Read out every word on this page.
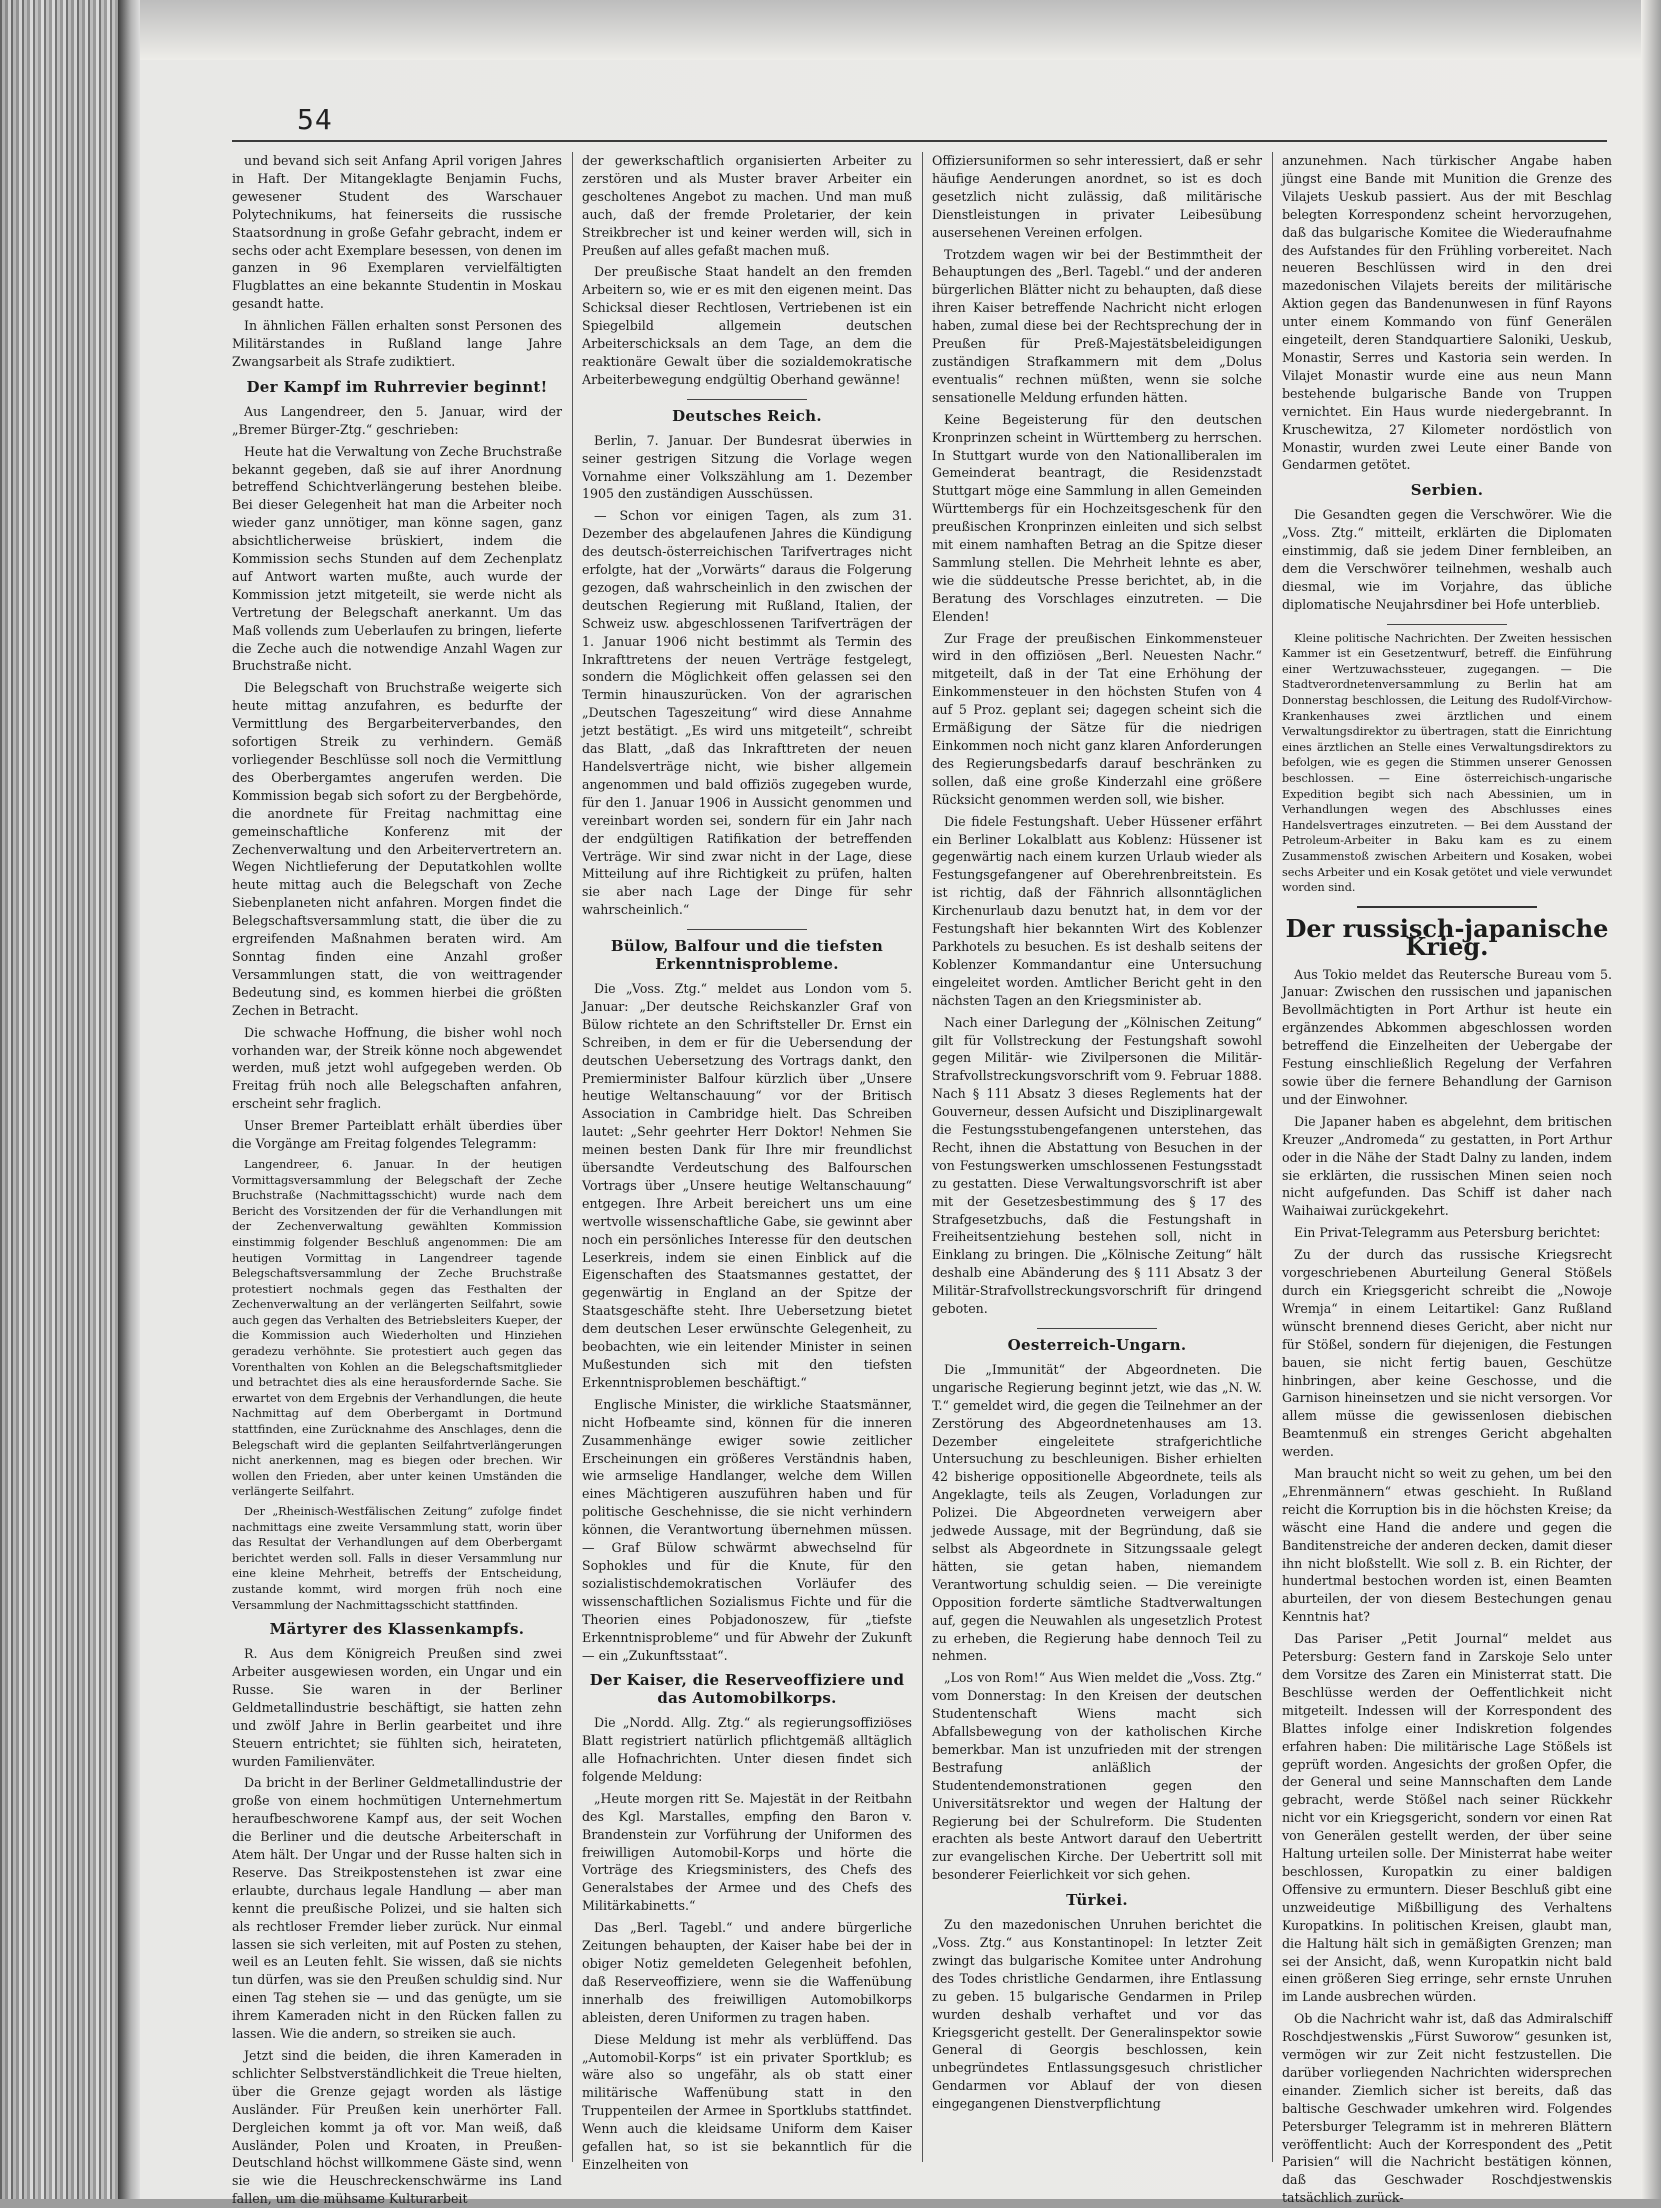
54

und bevand sich seit Anfang April vorigen Jahres in Haft. Der Mitangeklagte Benjamin Fuchs, gewesener Student des Warschauer Polytechnikums, hat feinerseits die russische Staatsordnung in große Gefahr gebracht, indem er sechs oder acht Exemplare besessen, von denen im ganzen in 96 Exemplaren vervielfältigten Flugblattes an eine bekannte Studentin in Moskau gesandt hatte.

In ähnlichen Fällen erhalten sonst Personen des Militärstandes in Rußland lange Jahre Zwangsarbeit als Strafe zudiktiert.

Der Kampf im Ruhrrevier beginnt!

Aus Langendreer, den 5. Januar, wird der „Bremer Bürger-Ztg.“ geschrieben:

Heute hat die Verwaltung von Zeche Bruchstraße bekannt gegeben, daß sie auf ihrer Anordnung betreffend Schichtverlängerung bestehen bleibe. Bei dieser Gelegenheit hat man die Arbeiter noch wieder ganz unnötiger, man könne sagen, ganz absichtlicherweise brüskiert, indem die Kommission sechs Stunden auf dem Zechenplatz auf Antwort warten mußte, auch wurde der Kommission jetzt mitgeteilt, sie werde nicht als Vertretung der Belegschaft anerkannt. Um das Maß vollends zum Ueberlaufen zu bringen, lieferte die Zeche auch die notwendige Anzahl Wagen zur Bruchstraße nicht.

Die Belegschaft von Bruchstraße weigerte sich heute mittag anzufahren, es bedurfte der Vermittlung des Bergarbeiterverbandes, den sofortigen Streik zu verhindern. Gemäß vorliegender Beschlüsse soll noch die Vermittlung des Oberbergamtes angerufen werden. Die Kommission begab sich sofort zu der Bergbehörde, die anordnete für Freitag nachmittag eine gemeinschaftliche Konferenz mit der Zechenverwaltung und den Arbeitervertretern an. Wegen Nichtlieferung der Deputatkohlen wollte heute mittag auch die Belegschaft von Zeche Siebenplaneten nicht anfahren. Morgen findet die Belegschaftsversammlung statt, die über die zu ergreifenden Maßnahmen beraten wird. Am Sonntag finden eine Anzahl großer Versammlungen statt, die von weittragender Bedeutung sind, es kommen hierbei die größten Zechen in Betracht.

Die schwache Hoffnung, die bisher wohl noch vorhanden war, der Streik könne noch abgewendet werden, muß jetzt wohl aufgegeben werden. Ob Freitag früh noch alle Belegschaften anfahren, erscheint sehr fraglich.

Unser Bremer Parteiblatt erhält überdies über die Vorgänge am Freitag folgendes Telegramm:

Langendreer, 6. Januar. In der heutigen Vormittagsversammlung der Belegschaft der Zeche Bruchstraße (Nachmittagsschicht) wurde nach dem Bericht des Vorsitzenden der für die Verhandlungen mit der Zechenverwaltung gewählten Kommission einstimmig folgender Beschluß angenommen: Die am heutigen Vormittag in Langendreer tagende Belegschaftsversammlung der Zeche Bruchstraße protestiert nochmals gegen das Festhalten der Zechenverwaltung an der verlängerten Seilfahrt, sowie auch gegen das Verhalten des Betriebsleiters Kueper, der die Kommission auch Wiederholten und Hinziehen geradezu verhöhnte. Sie protestiert auch gegen das Vorenthalten von Kohlen an die Belegschaftsmitglieder und betrachtet dies als eine herausfordernde Sache. Sie erwartet von dem Ergebnis der Verhandlungen, die heute Nachmittag auf dem Oberbergamt in Dortmund stattfinden, eine Zurücknahme des Anschlages, denn die Belegschaft wird die geplanten Seilfahrtverlängerungen nicht anerkennen, mag es biegen oder brechen. Wir wollen den Frieden, aber unter keinen Umständen die verlängerte Seilfahrt.

Der „Rheinisch-Westfälischen Zeitung“ zufolge findet nachmittags eine zweite Versammlung statt, worin über das Resultat der Verhandlungen auf dem Oberbergamt berichtet werden soll. Falls in dieser Versammlung nur eine kleine Mehrheit, betreffs der Entscheidung, zustande kommt, wird morgen früh noch eine Versammlung der Nachmittagsschicht stattfinden.

Märtyrer des Klassenkampfs.

R. Aus dem Königreich Preußen sind zwei Arbeiter ausgewiesen worden, ein Ungar und ein Russe. Sie waren in der Berliner Geldmetallindustrie beschäftigt, sie hatten zehn und zwölf Jahre in Berlin gearbeitet und ihre Steuern entrichtet; sie fühlten sich, heirateten, wurden Familienväter.

Da bricht in der Berliner Geldmetallindustrie der große von einem hochmütigen Unternehmertum heraufbeschworene Kampf aus, der seit Wochen die Berliner und die deutsche Arbeiterschaft in Atem hält. Der Ungar und der Russe halten sich in Reserve. Das Streikpostenstehen ist zwar eine erlaubte, durchaus legale Handlung — aber man kennt die preußische Polizei, und sie halten sich als rechtloser Fremder lieber zurück. Nur einmal lassen sie sich verleiten, mit auf Posten zu stehen, weil es an Leuten fehlt. Sie wissen, daß sie nichts tun dürfen, was sie den Preußen schuldig sind. Nur einen Tag stehen sie — und das genügte, um sie ihrem Kameraden nicht in den Rücken fallen zu lassen. Wie die andern, so streiken sie auch.

Jetzt sind die beiden, die ihren Kameraden in schlichter Selbstverständlichkeit die Treue hielten, über die Grenze gejagt worden als lästige Ausländer. Für Preußen kein unerhörter Fall. Dergleichen kommt ja oft vor. Man weiß, daß Ausländer, Polen und Kroaten, in Preußen-Deutschland höchst willkommene Gäste sind, wenn sie wie die Heuschreckenschwärme ins Land fallen, um die mühsame Kulturarbeit

der gewerkschaftlich organisierten Arbeiter zu zerstören und als Muster braver Arbeiter ein gescholtenes Angebot zu machen. Und man muß auch, daß der fremde Proletarier, der kein Streikbrecher ist und keiner werden will, sich in Preußen auf alles gefaßt machen muß.

Der preußische Staat handelt an den fremden Arbeitern so, wie er es mit den eigenen meint. Das Schicksal dieser Rechtlosen, Vertriebenen ist ein Spiegelbild allgemein deutschen Arbeiterschicksals an dem Tage, an dem die reaktionäre Gewalt über die sozialdemokratische Arbeiterbewegung endgültig Oberhand gewänne!

Deutsches Reich.

Berlin, 7. Januar. Der Bundesrat überwies in seiner gestrigen Sitzung die Vorlage wegen Vornahme einer Volkszählung am 1. Dezember 1905 den zuständigen Ausschüssen.

— Schon vor einigen Tagen, als zum 31. Dezember des abgelaufenen Jahres die Kündigung des deutsch-österreichischen Tarifvertrages nicht erfolgte, hat der „Vorwärts“ daraus die Folgerung gezogen, daß wahrscheinlich in den zwischen der deutschen Regierung mit Rußland, Italien, der Schweiz usw. abgeschlossenen Tarifverträgen der 1. Januar 1906 nicht bestimmt als Termin des Inkrafttretens der neuen Verträge festgelegt, sondern die Möglichkeit offen gelassen sei den Termin hinauszurücken. Von der agrarischen „Deutschen Tageszeitung“ wird diese Annahme jetzt bestätigt. „Es wird uns mitgeteilt“, schreibt das Blatt, „daß das Inkrafttreten der neuen Handelsverträge nicht, wie bisher allgemein angenommen und bald offiziös zugegeben wurde, für den 1. Januar 1906 in Aussicht genommen und vereinbart worden sei, sondern für ein Jahr nach der endgültigen Ratifikation der betreffenden Verträge. Wir sind zwar nicht in der Lage, diese Mitteilung auf ihre Richtigkeit zu prüfen, halten sie aber nach Lage der Dinge für sehr wahrscheinlich.“

Bülow, Balfour und die tiefsten Erkenntnisprobleme.

Die „Voss. Ztg.“ meldet aus London vom 5. Januar: „Der deutsche Reichskanzler Graf von Bülow richtete an den Schriftsteller Dr. Ernst ein Schreiben, in dem er für die Uebersendung der deutschen Uebersetzung des Vortrags dankt, den Premierminister Balfour kürzlich über „Unsere heutige Weltanschauung“ vor der Britisch Association in Cambridge hielt. Das Schreiben lautet: „Sehr geehrter Herr Doktor! Nehmen Sie meinen besten Dank für Ihre mir freundlichst übersandte Verdeutschung des Balfourschen Vortrags über „Unsere heutige Weltanschauung“ entgegen. Ihre Arbeit bereichert uns um eine wertvolle wissenschaftliche Gabe, sie gewinnt aber noch ein persönliches Interesse für den deutschen Leserkreis, indem sie einen Einblick auf die Eigenschaften des Staatsmannes gestattet, der gegenwärtig in England an der Spitze der Staatsgeschäfte steht. Ihre Uebersetzung bietet dem deutschen Leser erwünschte Gelegenheit, zu beobachten, wie ein leitender Minister in seinen Mußestunden sich mit den tiefsten Erkenntnisproblemen beschäftigt.“

Englische Minister, die wirkliche Staatsmänner, nicht Hofbeamte sind, können für die inneren Zusammenhänge ewiger sowie zeitlicher Erscheinungen ein größeres Verständnis haben, wie armselige Handlanger, welche dem Willen eines Mächtigeren auszuführen haben und für politische Geschehnisse, die sie nicht verhindern können, die Verantwortung übernehmen müssen. — Graf Bülow schwärmt abwechselnd für Sophokles und für die Knute, für den sozialistischdemokratischen Vorläufer des wissenschaftlichen Sozialismus Fichte und für die Theorien eines Pobjadonoszew, für „tiefste Erkenntnisprobleme“ und für Abwehr der Zukunft — ein „Zukunftsstaat“.

Der Kaiser, die Reserveoffiziere und das Automobilkorps.

Die „Nordd. Allg. Ztg.“ als regierungsoffiziöses Blatt registriert natürlich pflichtgemäß alltäglich alle Hofnachrichten. Unter diesen findet sich folgende Meldung:

„Heute morgen ritt Se. Majestät in der Reitbahn des Kgl. Marstalles, empfing den Baron v. Brandenstein zur Vorführung der Uniformen des freiwilligen Automobil-Korps und hörte die Vorträge des Kriegsministers, des Chefs des Generalstabes der Armee und des Chefs des Militärkabinetts.“

Das „Berl. Tagebl.“ und andere bürgerliche Zeitungen behaupten, der Kaiser habe bei der in obiger Notiz gemeldeten Gelegenheit befohlen, daß Reserveoffiziere, wenn sie die Waffenübung innerhalb des freiwilligen Automobilkorps ableisten, deren Uniformen zu tragen haben.

Diese Meldung ist mehr als verblüffend. Das „Automobil-Korps“ ist ein privater Sportklub; es wäre also so ungefähr, als ob statt einer militärische Waffenübung statt in den Truppenteilen der Armee in Sportklubs stattfindet. Wenn auch die kleidsame Uniform dem Kaiser gefallen hat, so ist sie bekanntlich für die Einzelheiten von

Offiziersuniformen so sehr interessiert, daß er sehr häufige Aenderungen anordnet, so ist es doch gesetzlich nicht zulässig, daß militärische Dienstleistungen in privater Leibesübung ausersehenen Vereinen erfolgen.

Trotzdem wagen wir bei der Bestimmtheit der Behauptungen des „Berl. Tagebl.“ und der anderen bürgerlichen Blätter nicht zu behaupten, daß diese ihren Kaiser betreffende Nachricht nicht erlogen haben, zumal diese bei der Rechtsprechung der in Preußen für Preß-Majestätsbeleidigungen zuständigen Strafkammern mit dem „Dolus eventualis“ rechnen müßten, wenn sie solche sensationelle Meldung erfunden hätten.

Keine Begeisterung für den deutschen Kronprinzen scheint in Württemberg zu herrschen. In Stuttgart wurde von den Nationalliberalen im Gemeinderat beantragt, die Residenzstadt Stuttgart möge eine Sammlung in allen Gemeinden Württembergs für ein Hochzeitsgeschenk für den preußischen Kronprinzen einleiten und sich selbst mit einem namhaften Betrag an die Spitze dieser Sammlung stellen. Die Mehrheit lehnte es aber, wie die süddeutsche Presse berichtet, ab, in die Beratung des Vorschlages einzutreten. — Die Elenden!

Zur Frage der preußischen Einkommensteuer wird in den offiziösen „Berl. Neuesten Nachr.“ mitgeteilt, daß in der Tat eine Erhöhung der Einkommensteuer in den höchsten Stufen von 4 auf 5 Proz. geplant sei; dagegen scheint sich die Ermäßigung der Sätze für die niedrigen Einkommen noch nicht ganz klaren Anforderungen des Regierungsbedarfs darauf beschränken zu sollen, daß eine große Kinderzahl eine größere Rücksicht genommen werden soll, wie bisher.

Die fidele Festungshaft. Ueber Hüssener erfährt ein Berliner Lokalblatt aus Koblenz: Hüssener ist gegenwärtig nach einem kurzen Urlaub wieder als Festungsgefangener auf Oberehrenbreitstein. Es ist richtig, daß der Fähnrich allsonntäglichen Kirchenurlaub dazu benutzt hat, in dem vor der Festungshaft hier bekannten Wirt des Koblenzer Parkhotels zu besuchen. Es ist deshalb seitens der Koblenzer Kommandantur eine Untersuchung eingeleitet worden. Amtlicher Bericht geht in den nächsten Tagen an den Kriegsminister ab.

Nach einer Darlegung der „Kölnischen Zeitung“ gilt für Vollstreckung der Festungshaft sowohl gegen Militär- wie Zivilpersonen die Militär-Strafvollstreckungsvorschrift vom 9. Februar 1888. Nach § 111 Absatz 3 dieses Reglements hat der Gouverneur, dessen Aufsicht und Disziplinargewalt die Festungsstubengefangenen unterstehen, das Recht, ihnen die Abstattung von Besuchen in der von Festungswerken umschlossenen Festungsstadt zu gestatten. Diese Verwaltungsvorschrift ist aber mit der Gesetzesbestimmung des § 17 des Strafgesetzbuchs, daß die Festungshaft in Freiheitsentziehung bestehen soll, nicht in Einklang zu bringen. Die „Kölnische Zeitung“ hält deshalb eine Abänderung des § 111 Absatz 3 der Militär-Strafvollstreckungsvorschrift für dringend geboten.

Oesterreich-Ungarn.

Die „Immunität“ der Abgeordneten. Die ungarische Regierung beginnt jetzt, wie das „N. W. T.“ gemeldet wird, die gegen die Teilnehmer an der Zerstörung des Abgeordnetenhauses am 13. Dezember eingeleitete strafgerichtliche Untersuchung zu beschleunigen. Bisher erhielten 42 bisherige oppositionelle Abgeordnete, teils als Angeklagte, teils als Zeugen, Vorladungen zur Polizei. Die Abgeordneten verweigern aber jedwede Aussage, mit der Begründung, daß sie selbst als Abgeordnete in Sitzungssaale gelegt hätten, sie getan haben, niemandem Verantwortung schuldig seien. — Die vereinigte Opposition forderte sämtliche Stadtverwaltungen auf, gegen die Neuwahlen als ungesetzlich Protest zu erheben, die Regierung habe dennoch Teil zu nehmen.

„Los von Rom!“ Aus Wien meldet die „Voss. Ztg.“ vom Donnerstag: In den Kreisen der deutschen Studentenschaft Wiens macht sich Abfallsbewegung von der katholischen Kirche bemerkbar. Man ist unzufrieden mit der strengen Bestrafung anläßlich der Studentendemonstrationen gegen den Universitätsrektor und wegen der Haltung der Regierung bei der Schulreform. Die Studenten erachten als beste Antwort darauf den Uebertritt zur evangelischen Kirche. Der Uebertritt soll mit besonderer Feierlichkeit vor sich gehen.

Türkei.

Zu den mazedonischen Unruhen berichtet die „Voss. Ztg.“ aus Konstantinopel: In letzter Zeit zwingt das bulgarische Komitee unter Androhung des Todes christliche Gendarmen, ihre Entlassung zu geben. 15 bulgarische Gendarmen in Prilep wurden deshalb verhaftet und vor das Kriegsgericht gestellt. Der Generalinspektor sowie General di Georgis beschlossen, kein unbegründetes Entlassungsgesuch christlicher Gendarmen vor Ablauf der von diesen eingegangenen Dienstverpflichtung

anzunehmen. Nach türkischer Angabe haben jüngst eine Bande mit Munition die Grenze des Vilajets Ueskub passiert. Aus der mit Beschlag belegten Korrespondenz scheint hervorzugehen, daß das bulgarische Komitee die Wiederaufnahme des Aufstandes für den Frühling vorbereitet. Nach neueren Beschlüssen wird in den drei mazedonischen Vilajets bereits der militärische Aktion gegen das Bandenunwesen in fünf Rayons unter einem Kommando von fünf Generälen eingeteilt, deren Standquartiere Saloniki, Ueskub, Monastir, Serres und Kastoria sein werden. In Vilajet Monastir wurde eine aus neun Mann bestehende bulgarische Bande von Truppen vernichtet. Ein Haus wurde niedergebrannt. In Kruschewitza, 27 Kilometer nordöstlich von Monastir, wurden zwei Leute einer Bande von Gendarmen getötet.

Serbien.

Die Gesandten gegen die Verschwörer. Wie die „Voss. Ztg.“ mitteilt, erklärten die Diplomaten einstimmig, daß sie jedem Diner fernbleiben, an dem die Verschwörer teilnehmen, weshalb auch diesmal, wie im Vorjahre, das übliche diplomatische Neujahrsdiner bei Hofe unterblieb.

Kleine politische Nachrichten. Der Zweiten hessischen Kammer ist ein Gesetzentwurf, betreff. die Einführung einer Wertzuwachssteuer, zugegangen. — Die Stadtverordnetenversammlung zu Berlin hat am Donnerstag beschlossen, die Leitung des Rudolf-Virchow-Krankenhauses zwei ärztlichen und einem Verwaltungsdirektor zu übertragen, statt die Einrichtung eines ärztlichen an Stelle eines Verwaltungsdirektors zu befolgen, wie es gegen die Stimmen unserer Genossen beschlossen. — Eine österreichisch-ungarische Expedition begibt sich nach Abessinien, um in Verhandlungen wegen des Abschlusses eines Handelsvertrages einzutreten. — Bei dem Ausstand der Petroleum-Arbeiter in Baku kam es zu einem Zusammenstoß zwischen Arbeitern und Kosaken, wobei sechs Arbeiter und ein Kosak getötet und viele verwundet worden sind.

Der russisch-japanische Krieg.

Aus Tokio meldet das Reutersche Bureau vom 5. Januar: Zwischen den russischen und japanischen Bevollmächtigten in Port Arthur ist heute ein ergänzendes Abkommen abgeschlossen worden betreffend die Einzelheiten der Uebergabe der Festung einschließlich Regelung der Verfahren sowie über die fernere Behandlung der Garnison und der Einwohner.

Die Japaner haben es abgelehnt, dem britischen Kreuzer „Andromeda“ zu gestatten, in Port Arthur oder in die Nähe der Stadt Dalny zu landen, indem sie erklärten, die russischen Minen seien noch nicht aufgefunden. Das Schiff ist daher nach Waihaiwai zurückgekehrt.

Ein Privat-Telegramm aus Petersburg berichtet:

Zu der durch das russische Kriegsrecht vorgeschriebenen Aburteilung General Stößels durch ein Kriegsgericht schreibt die „Nowoje Wremja“ in einem Leitartikel: Ganz Rußland wünscht brennend dieses Gericht, aber nicht nur für Stößel, sondern für diejenigen, die Festungen bauen, sie nicht fertig bauen, Geschütze hinbringen, aber keine Geschosse, und die Garnison hineinsetzen und sie nicht versorgen. Vor allem müsse die gewissenlosen diebischen Beamtenmuß ein strenges Gericht abgehalten werden.

Man braucht nicht so weit zu gehen, um bei den „Ehrenmännern“ etwas geschieht. In Rußland reicht die Korruption bis in die höchsten Kreise; da wäscht eine Hand die andere und gegen die Banditenstreiche der anderen decken, damit dieser ihn nicht bloßstellt. Wie soll z. B. ein Richter, der hundertmal bestochen worden ist, einen Beamten aburteilen, der von diesem Bestechungen genau Kenntnis hat?

Das Pariser „Petit Journal“ meldet aus Petersburg: Gestern fand in Zarskoje Selo unter dem Vorsitze des Zaren ein Ministerrat statt. Die Beschlüsse werden der Oeffentlichkeit nicht mitgeteilt. Indessen will der Korrespondent des Blattes infolge einer Indiskretion folgendes erfahren haben: Die militärische Lage Stößels ist geprüft worden. Angesichts der großen Opfer, die der General und seine Mannschaften dem Lande gebracht, werde Stößel nach seiner Rückkehr nicht vor ein Kriegsgericht, sondern vor einen Rat von Generälen gestellt werden, der über seine Haltung urteilen solle. Der Ministerrat habe weiter beschlossen, Kuropatkin zu einer baldigen Offensive zu ermuntern. Dieser Beschluß gibt eine unzweideutige Mißbilligung des Verhaltens Kuropatkins. In politischen Kreisen, glaubt man, die Haltung hält sich in gemäßigten Grenzen; man sei der Ansicht, daß, wenn Kuropatkin nicht bald einen größeren Sieg erringe, sehr ernste Unruhen im Lande ausbrechen würden.

Ob die Nachricht wahr ist, daß das Admiralschiff Roschdjestwenskis „Fürst Suworow“ gesunken ist, vermögen wir zur Zeit nicht festzustellen. Die darüber vorliegenden Nachrichten widersprechen einander. Ziemlich sicher ist bereits, daß das baltische Geschwader umkehren wird. Folgendes Petersburger Telegramm ist in mehreren Blättern veröffentlicht: Auch der Korrespondent des „Petit Parisien“ will die Nachricht bestätigen können, daß das Geschwader Roschdjestwenskis tatsächlich zurück-
